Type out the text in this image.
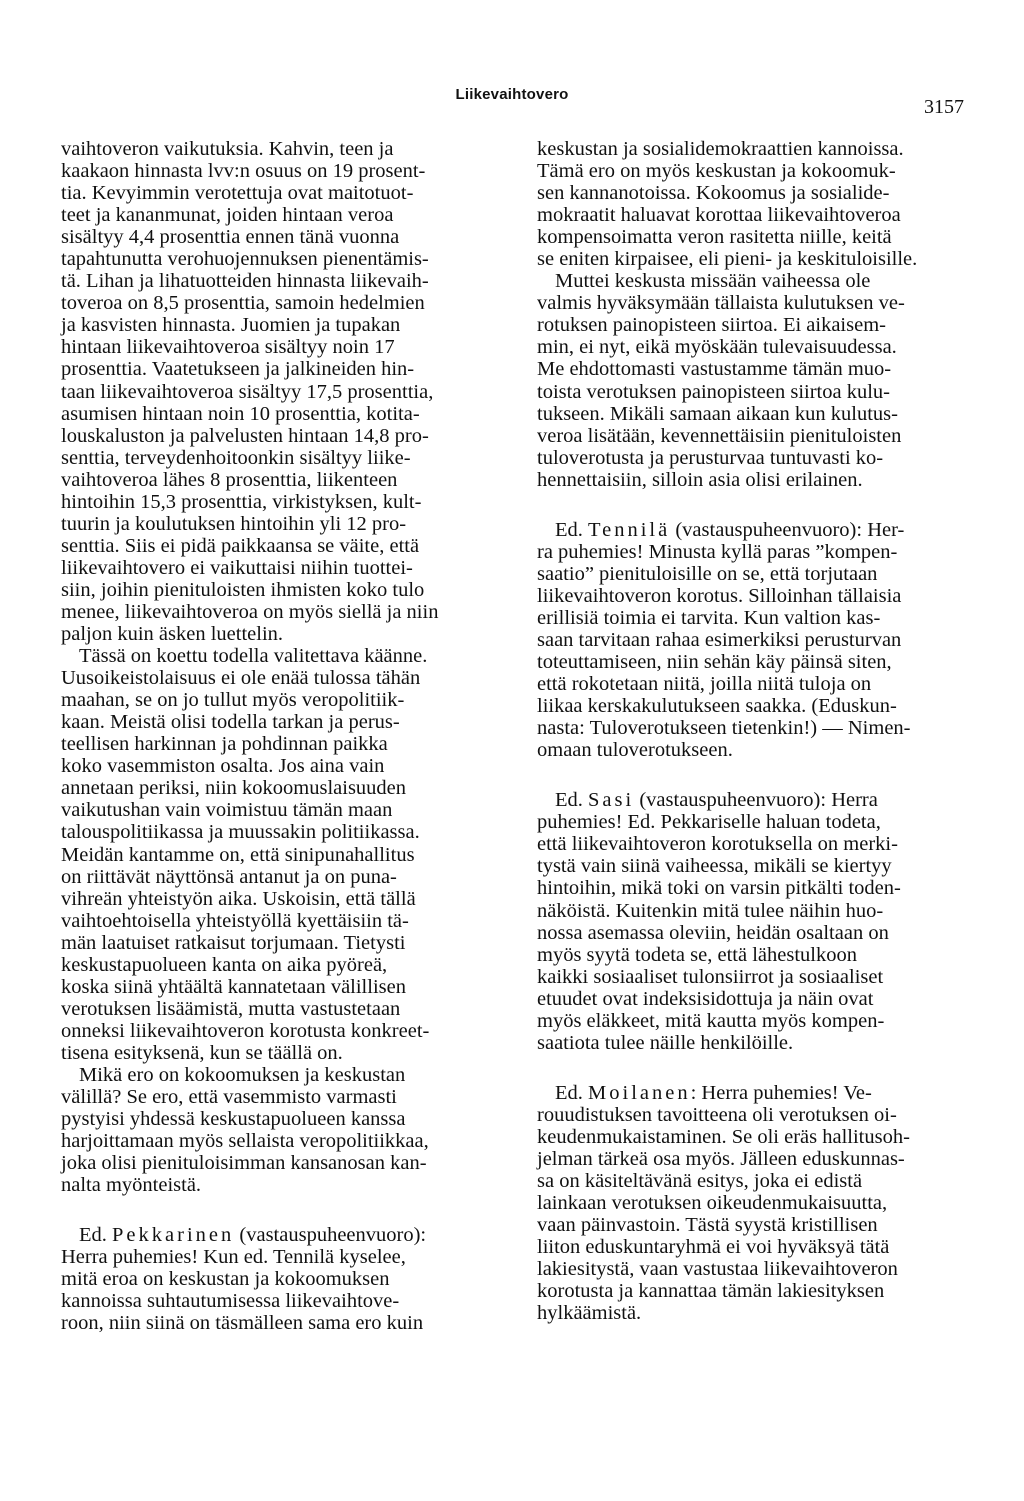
Liikevaihtovero
3157

vaihtoveron vaikutuksia. Kahvin, teen ja
kaakaon hinnasta lvv:n osuus on 19 prosent-
tia. Kevyimmin verotettuja ovat maitotuot-
teet ja kananmunat, joiden hintaan veroa
sisältyy 4,4 prosenttia ennen tänä vuonna
tapahtunutta verohuojennuksen pienentämis-
tä. Lihan ja lihatuotteiden hinnasta liikevaih-
toveroa on 8,5 prosenttia, samoin hedelmien
ja kasvisten hinnasta. Juomien ja tupakan
hintaan liikevaihtoveroa sisältyy noin 17
prosenttia. Vaatetukseen ja jalkineiden hin-
taan liikevaihtoveroa sisältyy 17,5 prosenttia,
asumisen hintaan noin 10 prosenttia, kotita-
louskaluston ja palvelusten hintaan 14,8 pro-
senttia, terveydenhoitoonkin sisältyy liike-
vaihtoveroa lähes 8 prosenttia, liikenteen
hintoihin 15,3 prosenttia, virkistyksen, kult-
tuurin ja koulutuksen hintoihin yli 12 pro-
senttia. Siis ei pidä paikkaansa se väite, että
liikevaihtovero ei vaikuttaisi niihin tuottei-
siin, joihin pienituloisten ihmisten koko tulo
menee, liikevaihtoveroa on myös siellä ja niin
paljon kuin äsken luettelin.

Tässä on koettu todella valitettava käänne.
Uusoikeistolaisuus ei ole enää tulossa tähän
maahan, se on jo tullut myös veropolitiik-
kaan. Meistä olisi todella tarkan ja perus-
teellisen harkinnan ja pohdinnan paikka
koko vasemmiston osalta. Jos aina vain
annetaan periksi, niin kokoomuslaisuuden
vaikutushan vain voimistuu tämän maan
talouspolitiikassa ja muussakin politiikassa.
Meidän kantamme on, että sinipunahallitus
on riittävät näyttönsä antanut ja on puna-
vihreän yhteistyön aika. Uskoisin, että tällä
vaihtoehtoisella yhteistyöllä kyettäisiin tä-
män laatuiset ratkaisut torjumaan. Tietysti
keskustapuolueen kanta on aika pyöreä,
koska siinä yhtäältä kannatetaan välillisen
verotuksen lisäämistä, mutta vastustetaan
onneksi liikevaihtoveron korotusta konkreet-
tisena esityksenä, kun se täällä on.

Mikä ero on kokoomuksen ja keskustan
välillä? Se ero, että vasemmisto varmasti
pystyisi yhdessä keskustapuolueen kanssa
harjoittamaan myös sellaista veropolitiikkaa,
joka olisi pienituloisimman kansanosan kan-
nalta myönteistä.

Ed. Pekkarinen (vastauspuheenvuoro):
Herra puhemies! Kun ed. Tennilä kyselee,
mitä eroa on keskustan ja kokoomuksen
kannoissa suhtautumisessa liikevaihtove-
roon, niin siinä on täsmälleen sama ero kuin

keskustan ja sosialidemokraattien kannoissa.
Tämä ero on myös keskustan ja kokoomuk-
sen kannanotoissa. Kokoomus ja sosialide-
mokraatit haluavat korottaa liikevaihtoveroa
kompensoimatta veron rasitetta niille, keitä
se eniten kirpaisee, eli pieni- ja keskituloisille.

Muttei keskusta missään vaiheessa ole
valmis hyväksymään tällaista kulutuksen ve-
rotuksen painopisteen siirtoa. Ei aikaisem-
min, ei nyt, eikä myöskään tulevaisuudessa.
Me ehdottomasti vastustamme tämän muo-
toista verotuksen painopisteen siirtoa kulu-
tukseen. Mikäli samaan aikaan kun kulutus-
veroa lisätään, kevennettäisiin pienituloisten
tuloverotusta ja perusturvaa tuntuvasti ko-
hennettaisiin, silloin asia olisi erilainen.

Ed. Tennilä (vastauspuheenvuoro): Her-
ra puhemies! Minusta kyllä paras ”kompen-
saatio” pienituloisille on se, että torjutaan
liikevaihtoveron korotus. Silloinhan tällaisia
erillisiä toimia ei tarvita. Kun valtion kas-
saan tarvitaan rahaa esimerkiksi perusturvan
toteuttamiseen, niin sehän käy päinsä siten,
että rokotetaan niitä, joilla niitä tuloja on
liikaa kerskakulutukseen saakka. (Eduskun-
nasta: Tuloverotukseen tietenkin!) — Nimen-
omaan tuloverotukseen.

Ed. Sasi (vastauspuheenvuoro): Herra
puhemies! Ed. Pekkariselle haluan todeta,
että liikevaihtoveron korotuksella on merki-
tystä vain siinä vaiheessa, mikäli se kiertyy
hintoihin, mikä toki on varsin pitkälti toden-
näköistä. Kuitenkin mitä tulee näihin huo-
nossa asemassa oleviin, heidän osaltaan on
myös syytä todeta se, että lähestulkoon
kaikki sosiaaliset tulonsiirrot ja sosiaaliset
etuudet ovat indeksisidottuja ja näin ovat
myös eläkkeet, mitä kautta myös kompen-
saatiota tulee näille henkilöille.

Ed. Moilanen: Herra puhemies! Ve-
rouudistuksen tavoitteena oli verotuksen oi-
keudenmukaistaminen. Se oli eräs hallitusoh-
jelman tärkeä osa myös. Jälleen eduskunnas-
sa on käsiteltävänä esitys, joka ei edistä
lainkaan verotuksen oikeudenmukaisuutta,
vaan päinvastoin. Tästä syystä kristillisen
liiton eduskuntaryhmä ei voi hyväksyä tätä
lakiesitystä, vaan vastustaa liikevaihtoveron
korotusta ja kannattaa tämän lakiesityksen
hylkäämistä.
